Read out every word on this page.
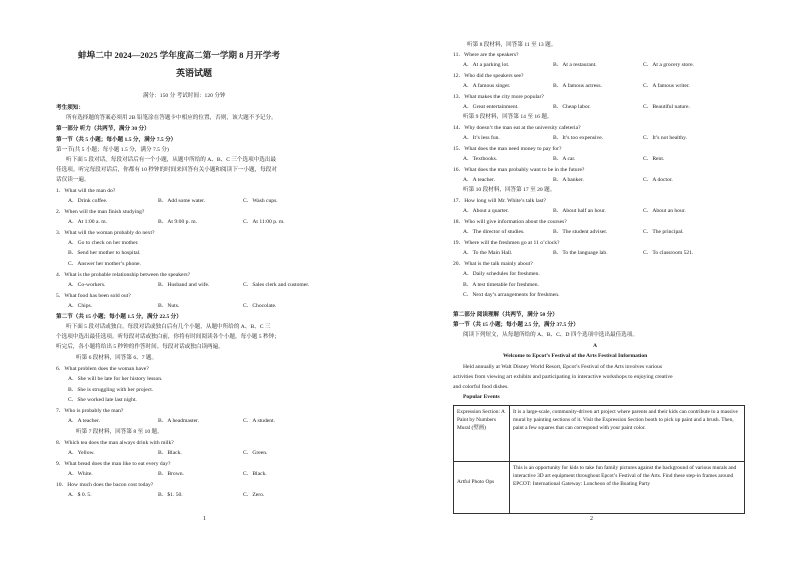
蚌埠二中 2024—2025 学年度高二第一学期 8 月开学考
英语试题
满分：150 分 考试时间：120 分钟
考生须知：
所有选择题的答案必须用 2B 铅笔涂在答题卡中相应的位置，否则，该大题不予记分。
第一部分 听力（共两节，满分 30 分）
第一节（共 5 小题；每小题 1.5 分，满分 7.5 分）
第一节(共 5 小题；每小题 1.5 分，满分 7.5 分)
听下面 5 段对话，每段对话后有一个小题，从题中所给的 A、B、C 三个选项中选出最
佳选项。听完每段对话后，你都有 10 秒钟的时间来回答有关小题和阅读下一小题，每段对
话仅读一遍。
1．What will the man do?
A．Drink coffee.	B．Add some water.	C．Wash cups.
2．When will the man finish studying?
A．At 1:00 a. m.	B．At 9:00 p. m.	C．At 11:00 p. m.
3．What will the woman probably do next?
A．Go to check on her mother.
B．Send her mother to hospital.
C．Answer her mother’s phone.
4．What is the probable relationship between the speakers?
A．Co-workers.	B．Husband and wife.	C．Sales clerk and customer.
5．What food has been sold out?
A．Chips.	B．Nuts.	C．Chocolate.
第二节（共 15 小题；每小题 1.5 分，满分 22.5 分）
听下面 5 段对话或独白。每段对话或独白后有几个小题，从题中所给的 A、B、C 三
个选项中选出最佳选项。听每段对话或独白前，你将有时间阅读各个小题，每小题 5 秒钟；
听完后，各小题将给出 5 秒钟的作答时间。每段对话或独白读两遍。
听第 6 段材料，回答第 6、7 题。
6．What problem does the woman have?
A．She will be late for her history lesson.
B．She is struggling with her project.
C．She worked late last night.
7．Who is probably the man?
A．A teacher.	B．A headmaster.	C．A student.
听第 7 段材料，回答第 8 至 10 题。
8．Which tea does the man always drink with milk?
A．Yellow.	B．Black.	C．Green.
9．What bread does the man like to eat every day?
A．White.	B．Brown.	C．Black.
10．How much does the bacon cost today?
A．$ 0. 5.	B．$1. 50.	C．Zero.
1
听第 8 段材料，回答第 11 至 13 题。
11．Where are the speakers?
A．At a parking lot.	B．At a restaurant.	C．At a grocery store.
12．Who did the speakers see?
A．A famous singer.	B．A famous actress.	C．A famous writer.
13．What makes the city more popular?
A．Great entertainment.	B．Cheap labor.	C．Beautiful nature.
听第 9 段材料，回答第 14 至 16 题。
14．Why doesn’t the man eat at the university cafeteria?
A．It’s less fun.	B．It’s too expensive.	C．It’s not healthy.
15．What does the man need money to pay for?
A．Textbooks.	B．A car.	C．Rent.
16．What does the man probably want to be in the future?
A．A teacher.	B．A banker.	C．A doctor.
听第 10 段材料，回答第 17 至 20 题。
17．How long will Mr. White’s talk last?
A．About a quarter.	B．About half an hour.	C．About an hour.
18．Who will give information about the courses?
A．The director of studies.	B．The student adviser.	C．The principal.
19．Where will the freshmen go at 11 o’clock?
A．To the Main Hall.	B．To the language lab.	C．To classroom 521.
20．What is the talk mainly about?
A．Daily schedules for freshmen.
B．A test timetable for freshmen.
C．Next day’s arrangements for freshmen.
第二部分 阅读理解（共两节，满分 50 分）
第一节（共 15 小题；每小题 2.5 分，满分 37.5 分）
阅读下列短文，从每题所给的 A、B、C、D 四个选项中选出最佳选项。
A
Welcome to Epcot’s Festival of the Arts Festival Information
Held annually at Walt Disney World Resort, Epcot’s Festival of the Arts involves various
activities from viewing art exhibits and participating in interactive workshops to enjoying creative
and colorful food dishes.
Popular Events
Expression Section: A Paint by Numbers Mural (壁画)	It is a large-scale, community-driven art project where parents and their kids can contribute to a massive mural by painting sections of it. Visit the Expression Section booth to pick up paint and a brush. Then, paint a few squares that can correspond with your paint color.
Artful Photo Ops	This is an opportunity for kids to take fun family pictures against the background of various murals and interactive 3D art equipment throughout Epcot’s Festival of the Arts. Find these step-in frames around EPCOT: International Gateway: Luncheon of the Boating Party
2
